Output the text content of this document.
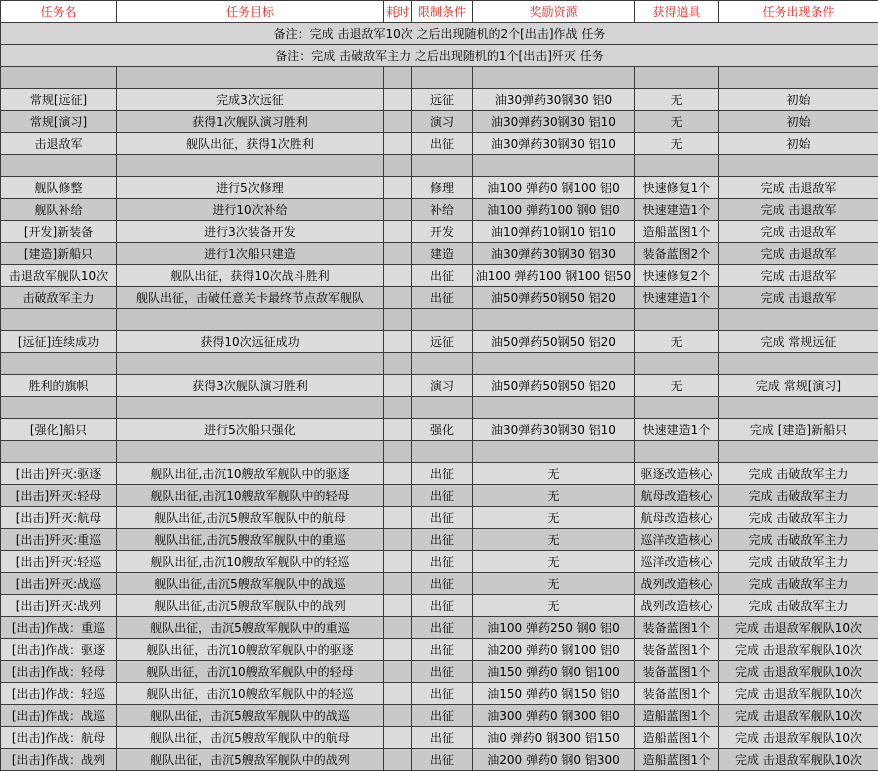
任务名	任务目标	耗时	限制条件	奖励资源	获得道具	任务出现条件
备注：完成 击退敌军10次 之后出现随机的2个[出击]作战 任务						
备注：完成 击破敌军主力 之后出现随机的1个[出击]歼灭 任务						

常规[远征]	完成3次远征		远征	油30弹药30钢30 铝0	无	初始
常规[演习]	获得1次舰队演习胜利		演习	油30弹药30钢30 铝10	无	初始
击退敌军	舰队出征，获得1次胜利		出征	油30弹药30钢30 铝10	无	初始

舰队修整	进行5次修理		修理	油100 弹药0 钢100 铝0	快速修复1个	完成 击退敌军
舰队补给	进行10次补给		补给	油100 弹药100 钢0 铝0	快速建造1个	完成 击退敌军
[开发]新装备	进行3次装备开发		开发	油10弹药10钢10 铝10	造船蓝图1个	完成 击退敌军
[建造]新船只	进行1次船只建造		建造	油30弹药30钢30 铝30	装备蓝图2个	完成 击退敌军
击退敌军舰队10次	舰队出征，获得10次战斗胜利		出征	油100 弹药100 钢100 铝50	快速修复2个	完成 击退敌军
击破敌军主力	舰队出征，击破任意关卡最终节点敌军舰队		出征	油50弹药50钢50 铝20	快速建造1个	完成 击退敌军

[远征]连续成功	获得10次远征成功		远征	油50弹药50钢50 铝20	无	完成 常规远征

胜利的旗帜	获得3次舰队演习胜利		演习	油50弹药50钢50 铝20	无	完成 常规[演习]

[强化]船只	进行5次船只强化		强化	油30弹药30钢30 铝10	快速建造1个	完成 [建造]新船只

[出击]歼灭:驱逐	舰队出征,击沉10艘敌军舰队中的驱逐		出征	无	驱逐改造核心	完成 击破敌军主力
[出击]歼灭:轻母	舰队出征,击沉10艘敌军舰队中的轻母		出征	无	航母改造核心	完成 击破敌军主力
[出击]歼灭:航母	舰队出征,击沉5艘敌军舰队中的航母		出征	无	航母改造核心	完成 击破敌军主力
[出击]歼灭:重巡	舰队出征,击沉5艘敌军舰队中的重巡		出征	无	巡洋改造核心	完成 击破敌军主力
[出击]歼灭:轻巡	舰队出征,击沉10艘敌军舰队中的轻巡		出征	无	巡洋改造核心	完成 击破敌军主力
[出击]歼灭:战巡	舰队出征,击沉5艘敌军舰队中的战巡		出征	无	战列改造核心	完成 击破敌军主力
[出击]歼灭:战列	舰队出征,击沉5艘敌军舰队中的战列		出征	无	战列改造核心	完成 击破敌军主力
[出击]作战：重巡	舰队出征，击沉5艘敌军舰队中的重巡		出征	油100 弹药250 钢0 铝0	装备蓝图1个	完成 击退敌军舰队10次
[出击]作战：驱逐	舰队出征，击沉10艘敌军舰队中的驱逐		出征	油200 弹药0 钢100 铝0	装备蓝图1个	完成 击退敌军舰队10次
[出击]作战：轻母	舰队出征，击沉10艘敌军舰队中的轻母		出征	油150 弹药0 钢0 铝100	装备蓝图1个	完成 击退敌军舰队10次
[出击]作战：轻巡	舰队出征，击沉10艘敌军舰队中的轻巡		出征	油150 弹药0 钢150 铝0	装备蓝图1个	完成 击退敌军舰队10次
[出击]作战：战巡	舰队出征，击沉5艘敌军舰队中的战巡		出征	油300 弹药0 钢300 铝0	造船蓝图1个	完成 击退敌军舰队10次
[出击]作战：航母	舰队出征，击沉5艘敌军舰队中的航母		出征	油0 弹药0 钢300 铝150	造船蓝图1个	完成 击退敌军舰队10次
[出击]作战：战列	舰队出征，击沉5艘敌军舰队中的战列		出征	油200 弹药0 钢0 铝300	造船蓝图1个	完成 击退敌军舰队10次
